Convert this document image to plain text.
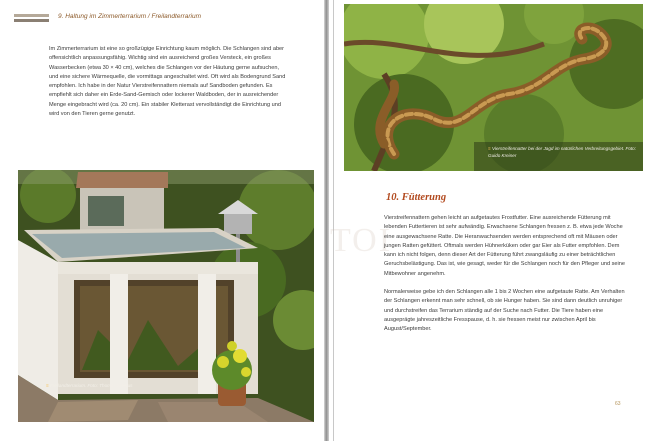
9. Haltung im Zimmerterrarium / Freilandterrarium

Im Zimmerterrarium ist eine so großzügige Einrichtung kaum möglich. Die Schlangen sind aber offensichtlich anpassungsfähig. Wichtig sind ein ausreichend großes Versteck, ein großes Wasserbecken (etwa 30 × 40 cm), welches die Schlangen vor der Häutung gerne aufsuchen, und eine sichere Wärmequelle, die vormittags angeschaltet wird. Oft wird als Bodengrund Sand empfohlen. Ich habe in der Natur Vierstreifennattern niemals auf Sandboden gefunden. Es empfiehlt sich daher ein Erde-Sand-Gemisch oder lockerer Waldboden, der in ausreichender Menge eingebracht wird (ca. 20 cm). Ein stabiler Kletterast vervollständigt die Einrichtung und wird von den Tieren gerne genutzt.

≡ Freilandterrarium. Foto: Thomas Kleetus
≡ Vierstreifennatter bei der Jagd im natürlichen Verbreitungsgebiet. Foto: Guido Kreiner
TOI
10. Fütterung

Vierstreifennattern gehen leicht an aufgetautes Frostfutter. Eine ausreichende Fütterung mit lebenden Futtertieren ist sehr aufwändig. Erwachsene Schlangen fressen z. B. etwa jede Woche eine ausgewachsene Ratte. Die Heranwachsenden werden entsprechend oft mit Mäusen oder jungen Ratten gefüttert. Oftmals werden Hühnerküken oder gar Eier als Futter empfohlen. Dem kann ich nicht folgen, denn dieser Art der Fütterung führt zwangsläufig zu einer beträchtlichen Geruchsbelästigung. Das ist, wie gesagt, weder für die Schlangen noch für den Pfleger und seine Mitbewohner angenehm.

Normalerweise gebe ich den Schlangen alle 1 bis 2 Wochen eine aufgetaute Ratte. Am Verhalten der Schlangen erkennt man sehr schnell, ob sie Hunger haben. Sie sind dann deutlich unruhiger und durchstreifen das Terrarium ständig auf der Suche nach Futter. Die Tiere haben eine ausgeprägte jahreszeitliche Fresspause, d. h. sie fressen meist nur zwischen April bis August/September.

63
